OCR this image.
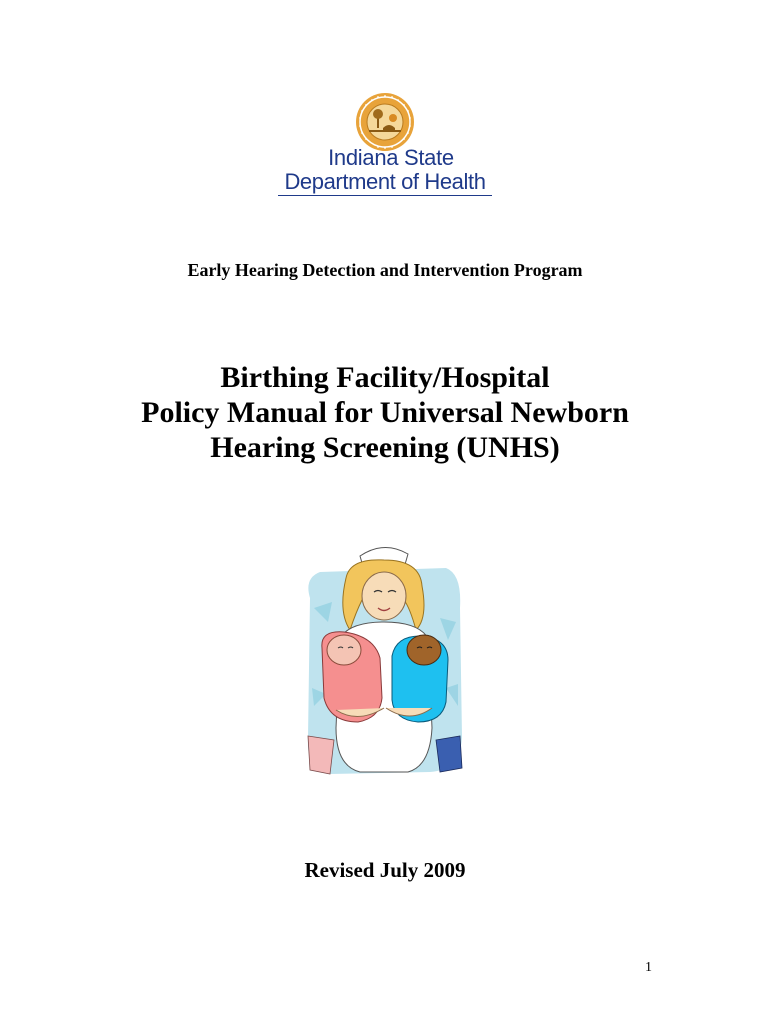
Indiana State
Department of Health
Early Hearing Detection and Intervention Program
Birthing Facility/Hospital
Policy Manual for Universal Newborn
Hearing Screening (UNHS)
Revised July 2009
1
